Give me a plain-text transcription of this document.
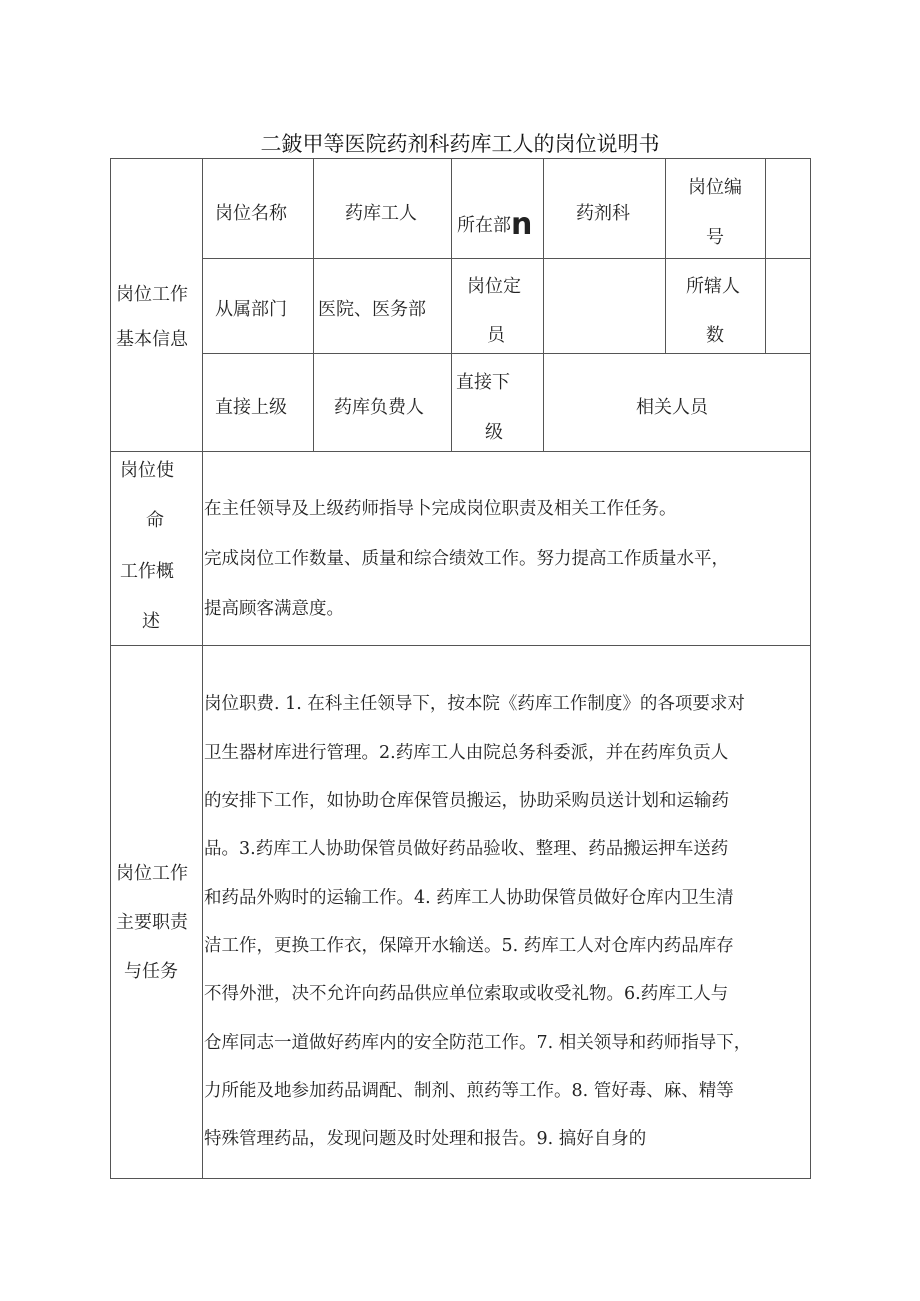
二鈹甲等医院药剂科药库工人的岗位说明书
岗位工作
基本信息
岗位名称	药库工人
所在部n 药剂科
岗位编
号
从属部门 医院、医务部
岗位定
员
所辖人
数
直接上级	药库负费人
直接下
级
相关人员
岗位使
命
工作概
述
在主任领导及上级药师指导卜完成岗位职责及相关工作任务。
完成岗位工作数量、质量和综合绩效工作。努力提高工作质量水平，
提高顾客满意度。
岗位工作
主要职责
与任务
岗位职费. 1. 在科主任领导下，按本院《药库工作制度》的各项要求对
卫生器材库进行管理。2.药库工人由院总务科委派，并在药库负贡人
的安排下工作，如协助仓库保管员搬运，协助采购员送计划和运输药
品。3.药库工人协助保管员做好药品验收、整理、药品搬运押车送药
和药品外购时的运输工作。4. 药库工人协助保管员做好仓库内卫生清
洁工作，更换工作衣，保障开水输送。5. 药库工人对仓库内药品库存
不得外泄，决不允许向药品供应单位索取或收受礼物。6.药库工人与
仓库同志一道做好药库内的安全防范工作。7. 相关领导和药师指导下，
力所能及地参加药品调配、制剂、煎药等工作。8. 管好毒、麻、精等
特殊管理药品，发现问题及时处理和报告。9. 搞好自身的
